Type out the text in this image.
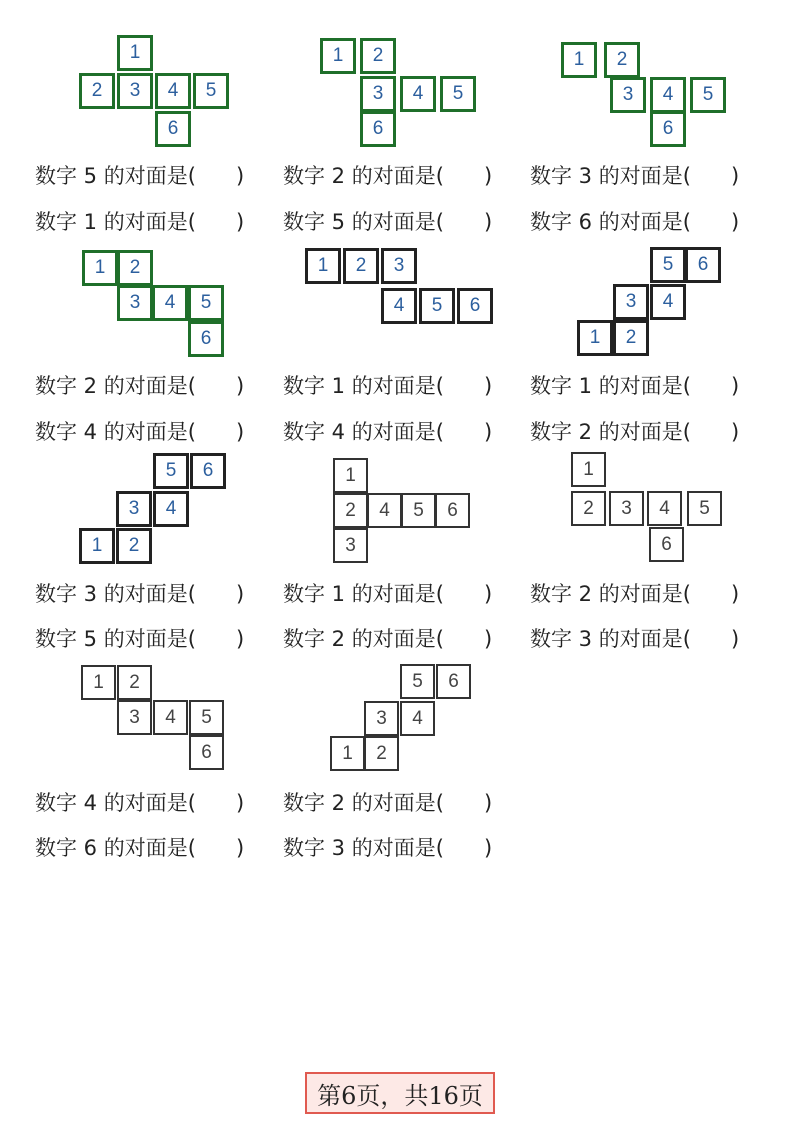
1
2	3	4	5
6
1	2
3	4	5
6
1	2
3	4	5
6
数字 5 的对面是(      ) 数字 2 的对面是(      ) 数字 3 的对面是(      )
数字 1 的对面是(      ) 数字 5 的对面是(      ) 数字 6 的对面是(      )
1	2
3	4	5
6
1	2	3
4	5	6
5	6
3	4
1	2
数字 2 的对面是(      ) 数字 1 的对面是(      ) 数字 1 的对面是(      )
数字 4 的对面是(      ) 数字 4 的对面是(      ) 数字 2 的对面是(      )
5	6
3	4
1	2
1
2	4	5	6
3
1
2	3	4	5
6
数字 3 的对面是(      ) 数字 1 的对面是(      ) 数字 2 的对面是(      )
数字 5 的对面是(      ) 数字 2 的对面是(      ) 数字 3 的对面是(      )
1	2
3	4	5
6
5	6
3	4
1	2
数字 4 的对面是(      ) 数字 2 的对面是(      )
数字 6 的对面是(      ) 数字 3 的对面是(      )
第6页，共16页
